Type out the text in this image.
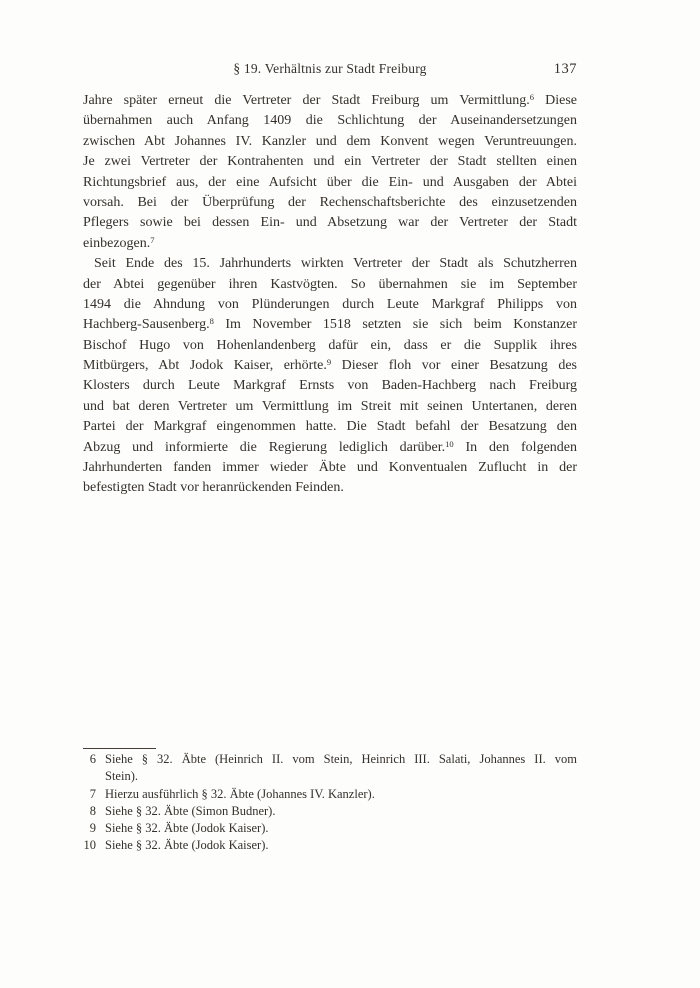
§ 19. Verhältnis zur Stadt Freiburg	137
Jahre später erneut die Vertreter der Stadt Freiburg um Vermittlung.$^6$ Diese
übernahmen auch Anfang 1409 die Schlichtung der Auseinandersetzungen
zwischen Abt Johannes IV. Kanzler und dem Konvent wegen Veruntreuungen.
Je zwei Vertreter der Kontrahenten und ein Vertreter der Stadt stellten einen
Richtungsbrief aus, der eine Aufsicht über die Ein- und Ausgaben der Abtei
vorsah. Bei der Überprüfung der Rechenschaftsberichte des einzusetzenden
Pflegers sowie bei dessen Ein- und Absetzung war der Vertreter der Stadt
einbezogen.$^7$
Seit Ende des 15. Jahrhunderts wirkten Vertreter der Stadt als Schutzherren
der Abtei gegenüber ihren Kastvögten. So übernahmen sie im September
1494 die Ahndung von Plünderungen durch Leute Markgraf Philipps von
Hachberg-Sausenberg.$^8$ Im November 1518 setzten sie sich beim Konstanzer
Bischof Hugo von Hohenlandenberg dafür ein, dass er die Supplik ihres
Mitbürgers, Abt Jodok Kaiser, erhörte.$^9$ Dieser floh vor einer Besatzung des
Klosters durch Leute Markgraf Ernsts von Baden-Hachberg nach Freiburg
und bat deren Vertreter um Vermittlung im Streit mit seinen Untertanen, deren
Partei der Markgraf eingenommen hatte. Die Stadt befahl der Besatzung den
Abzug und informierte die Regierung lediglich darüber.$^{10}$ In den folgenden
Jahrhunderten fanden immer wieder Äbte und Konventualen Zuflucht in der
befestigten Stadt vor heranrückenden Feinden.
6 Siehe § 32. Äbte (Heinrich II. vom Stein, Heinrich III. Salati, Johannes II. vom
Stein).
7 Hierzu ausführlich § 32. Äbte (Johannes IV. Kanzler).
8 Siehe § 32. Äbte (Simon Budner).
9 Siehe § 32. Äbte (Jodok Kaiser).
10 Siehe § 32. Äbte (Jodok Kaiser).
